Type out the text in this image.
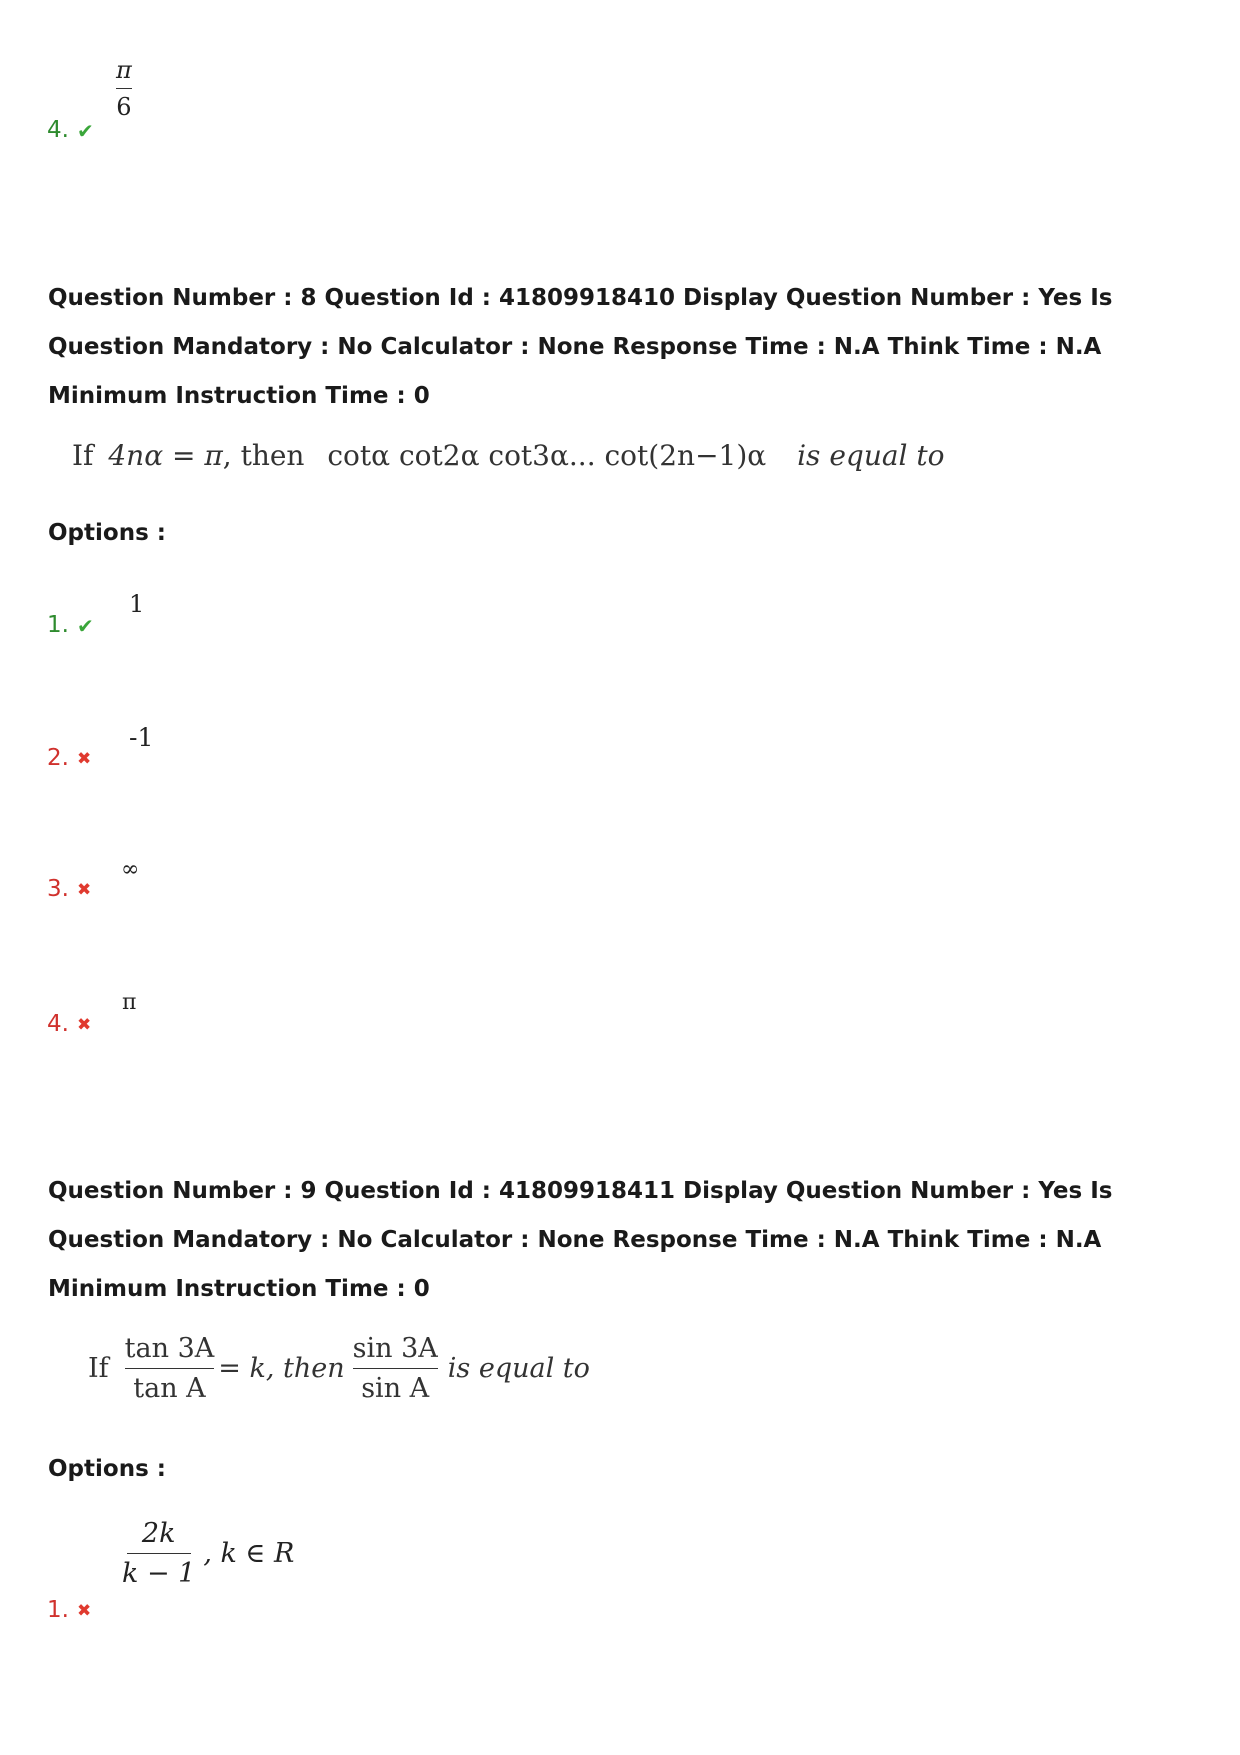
4. ✔
$\frac{\pi}{6}$

Question Number : 8 Question Id : 41809918410 Display Question Number : Yes Is Question Mandatory : No Calculator : None Response Time : N.A Think Time : N.A Minimum Instruction Time : 0

If 4nα = π, then cotα cot2α cot3α... cot(2n−1)α is equal to
Options :
1. ✔
1
2. ✖
-1
3. ✖
∞
4. ✖
π

Question Number : 9 Question Id : 41809918411 Display Question Number : Yes Is Question Mandatory : No Calculator : None Response Time : N.A Think Time : N.A Minimum Instruction Time : 0

If $\frac{\tan 3A}{\text{tan A}} = k$, then $\frac{\sin 3A}{\text{sin A}}$ is equal to
Options :
1. ✖
$\frac{2k}{k - 1}$ , k ∈ R
